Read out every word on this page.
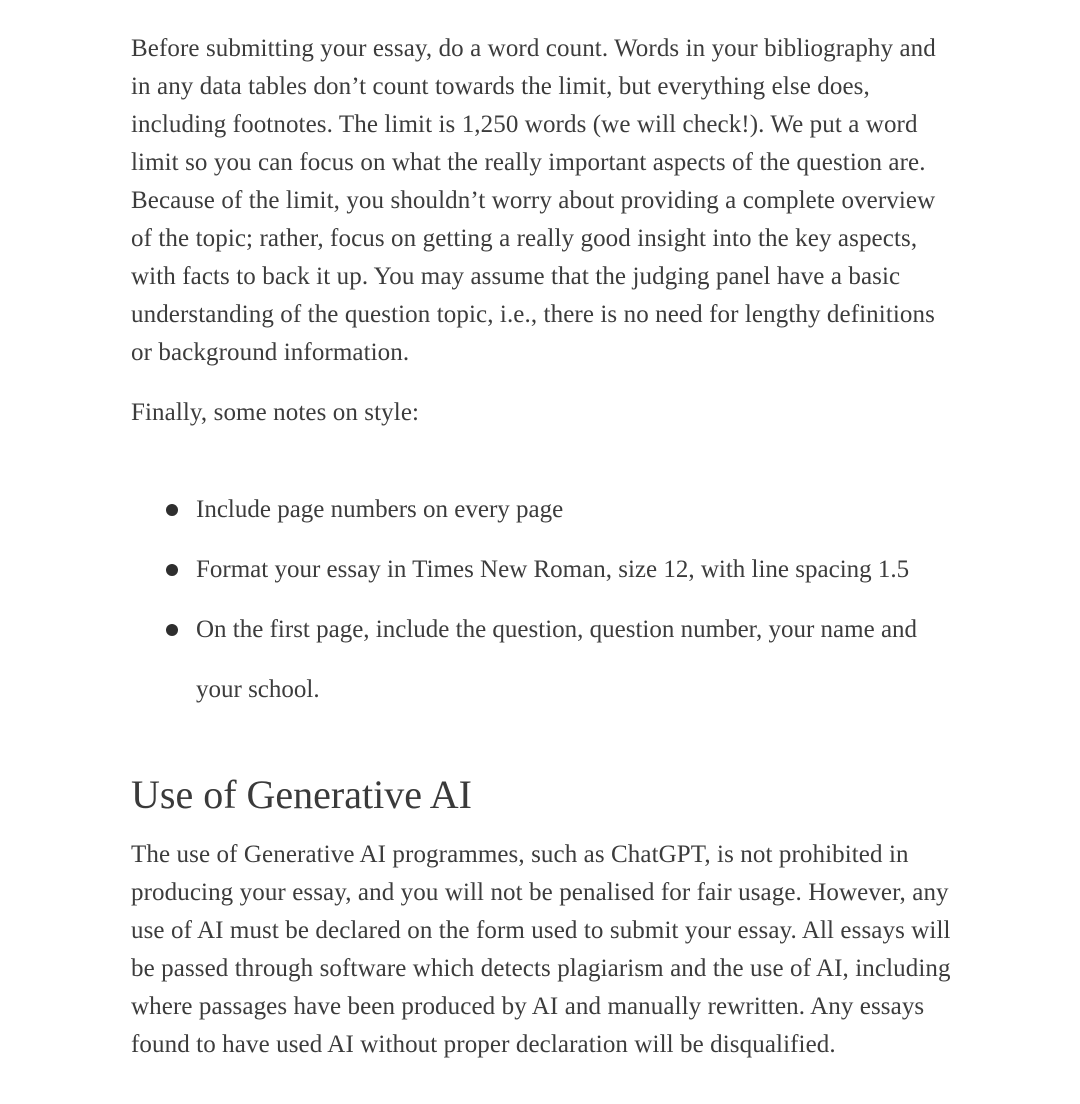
Before submitting your essay, do a word count. Words in your bibliography and in any data tables don’t count towards the limit, but everything else does, including footnotes. The limit is 1,250 words (we will check!). We put a word limit so you can focus on what the really important aspects of the question are. Because of the limit, you shouldn’t worry about providing a complete overview of the topic; rather, focus on getting a really good insight into the key aspects, with facts to back it up. You may assume that the judging panel have a basic understanding of the question topic, i.e., there is no need for lengthy definitions or background information.

Finally, some notes on style:

Include page numbers on every page
Format your essay in Times New Roman, size 12, with line spacing 1.5
On the first page, include the question, question number, your name and your school.
Use of Generative AI

The use of Generative AI programmes, such as ChatGPT, is not prohibited in producing your essay, and you will not be penalised for fair usage. However, any use of AI must be declared on the form used to submit your essay. All essays will be passed through software which detects plagiarism and the use of AI, including where passages have been produced by AI and manually rewritten. Any essays found to have used AI without proper declaration will be disqualified.
